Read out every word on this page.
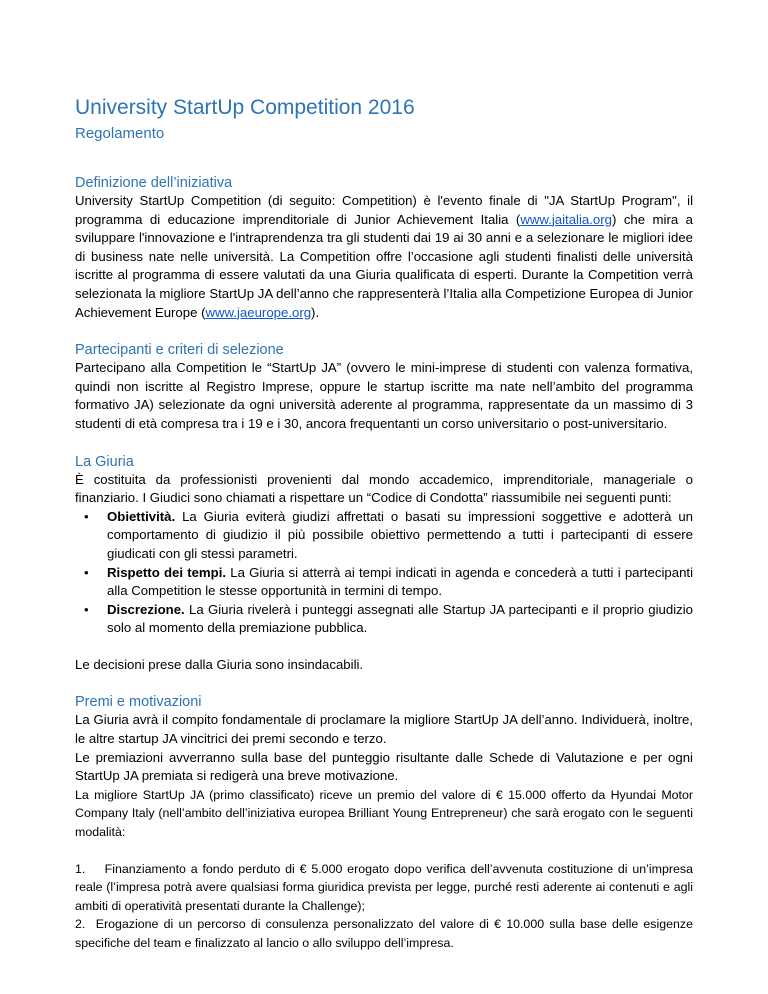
University StartUp Competition 2016
Regolamento
Definizione dell’iniziativa

University StartUp Competition (di seguito: Competition) è l'evento finale di "JA StartUp Program", il programma di educazione imprenditoriale di Junior Achievement Italia (www.jaitalia.org) che mira a sviluppare l'innovazione e l'intraprendenza tra gli studenti dai 19 ai 30 anni e a selezionare le migliori idee di business nate nelle università. La Competition offre l’occasione agli studenti finalisti delle università iscritte al programma di essere valutati da una Giuria qualificata di esperti. Durante la Competition verrà selezionata la migliore StartUp JA dell’anno che rappresenterà l’Italia alla Competizione Europea di Junior Achievement Europe (www.jaeurope.org).

Partecipanti e criteri di selezione

Partecipano alla Competition le “StartUp JA” (ovvero le mini-imprese di studenti con valenza formativa, quindi non iscritte al Registro Imprese, oppure le startup iscritte ma nate nell’ambito del programma formativo JA) selezionate da ogni università aderente al programma, rappresentate da un massimo di 3 studenti di età compresa tra i 19 e i 30, ancora frequentanti un corso universitario o post-universitario.

La Giuria

È costituita da professionisti provenienti dal mondo accademico, imprenditoriale, manageriale o finanziario. I Giudici sono chiamati a rispettare un “Codice di Condotta” riassumibile nei seguenti punti:

• Obiettività. La Giuria eviterà giudizi affrettati o basati su impressioni soggettive e adotterà un comportamento di giudizio il più possibile obiettivo permettendo a tutti i partecipanti di essere giudicati con gli stessi parametri.
• Rispetto dei tempi. La Giuria si atterrà ai tempi indicati in agenda e concederà a tutti i partecipanti alla Competition le stesse opportunità in termini di tempo.
• Discrezione. La Giuria rivelerà i punteggi assegnati alle Startup JA partecipanti e il proprio giudizio solo al momento della premiazione pubblica.

Le decisioni prese dalla Giuria sono insindacabili.

Premi e motivazioni

La Giuria avrà il compito fondamentale di proclamare la migliore StartUp JA dell’anno. Individuerà, inoltre, le altre startup JA vincitrici dei premi secondo e terzo.

Le premiazioni avverranno sulla base del punteggio risultante dalle Schede di Valutazione e per ogni StartUp JA premiata si redigerà una breve motivazione.

La migliore StartUp JA (primo classificato) riceve un premio del valore di € 15.000 offerto da Hyundai Motor Company Italy (nell’ambito dell’iniziativa europea Brilliant Young Entrepreneur) che sarà erogato con le seguenti modalità:

1. Finanziamento a fondo perduto di € 5.000 erogato dopo verifica dell’avvenuta costituzione di un’impresa reale (l’impresa potrà avere qualsiasi forma giuridica prevista per legge, purché resti aderente ai contenuti e agli ambiti di operatività presentati durante la Challenge);

2. Erogazione di un percorso di consulenza personalizzato del valore di € 10.000 sulla base delle esigenze specifiche del team e finalizzato al lancio o allo sviluppo dell’impresa.
